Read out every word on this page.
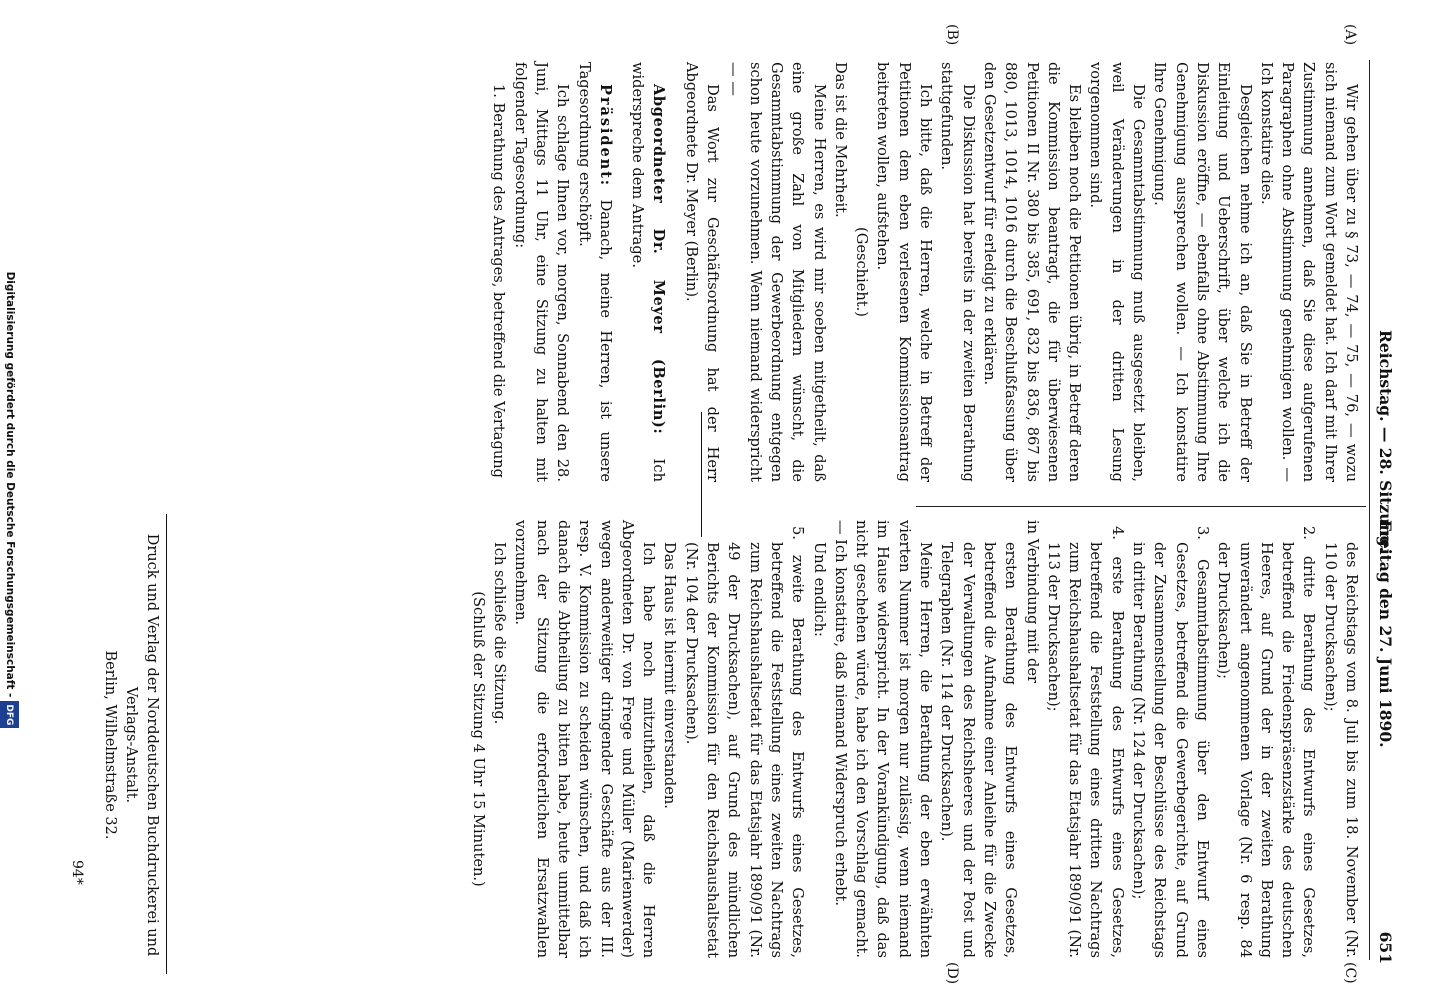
Reichstag. — 28. Sitzung.
Freitag den 27. Juni 1890.
651
(A)
(B)
(C)
(D)

Wir gehen über zu § 73, — 74, — 75, — 76, — wozu sich niemand zum Wort gemeldet hat. Ich darf mit Ihrer Zustimmung annehmen, daß Sie diese aufgerufenen Paragraphen ohne Abstimmung genehmigen wollen. — Ich konstatire dies.

Desgleichen nehme ich an, daß Sie in Betreff der Einleitung und Ueberschrift, über welche ich die Diskussion eröffne, — ebenfalls ohne Abstimmung Ihre Genehmigung aussprechen wollen. — Ich konstatire Ihre Genehmigung.

Die Gesammtabstimmung muß ausgesetzt bleiben, weil Veränderungen in der dritten Lesung vorgenommen sind.

Es bleiben noch die Petitionen übrig, in Betreff deren die Kommission beantragt, die für überwiesenen Petitionen II Nr. 380 bis 385, 691, 832 bis 836, 867 bis 880, 1013, 1014, 1016 durch die Beschlußfassung über den Gesetzentwurf für erledigt zu erklären.

Die Diskussion hat bereits in der zweiten Berathung stattgefunden.

Ich bitte, daß die Herren, welche in Betreff der Petitionen dem eben verlesenen Kommissionsantrag beitreten wollen, aufstehen.

(Geschieht.)

Das ist die Mehrheit.

Meine Herren, es wird mir soeben mitgetheilt, daß eine große Zahl von Mitgliedern wünscht, die Gesammtabstimmung der Gewerbeordnung entgegen schon heute vorzunehmen. Wenn niemand widerspricht — —

Das Wort zur Geschäftsordnung hat der Herr Abgeordnete Dr. Meyer (Berlin).

Abgeordneter Dr. Meyer (Berlin): Ich widerspreche dem Antrage.

Präsident: Danach, meine Herren, ist unsere Tagesordnung erschöpft.

Ich schlage Ihnen vor, morgen, Sonnabend den 28. Juni, Mittags 11 Uhr, eine Sitzung zu halten mit folgender Tagesordnung:

1. Berathung des Antrages, betreffend die Vertagung

des Reichstags vom 8. Juli bis zum 18. November (Nr. 110 der Drucksachen);

2. dritte Berathung des Entwurfs eines Gesetzes, betreffend die Friedenspräsenzstärke des deutschen Heeres, auf Grund der in der zweiten Berathung unverändert angenommenen Vorlage (Nr. 6 resp. 84 der Drucksachen);

3. Gesammtabstimmung über den Entwurf eines Gesetzes, betreffend die Gewerbegerichte, auf Grund der Zusammenstellung der Beschlüsse des Reichstags in dritter Berathung (Nr. 124 der Drucksachen);

4. erste Berathung des Entwurfs eines Gesetzes, betreffend die Feststellung eines dritten Nachtrags zum Reichshaushaltsetat für das Etatsjahr 1890/91 (Nr. 113 der Drucksachen);

in Verbindung mit der

ersten Berathung des Entwurfs eines Gesetzes, betreffend die Aufnahme einer Anleihe für die Zwecke der Verwaltungen des Reichsheeres und der Post und Telegraphen (Nr. 114 der Drucksachen).

Meine Herren, die Berathung der eben erwähnten vierten Nummer ist morgen nur zulässig, wenn niemand im Hause widerspricht. In der Vorankündigung, daß das nicht geschehen würde, habe ich den Vorschlag gemacht. — Ich konstatire, daß niemand Widerspruch erhebt.

Und endlich:

5. zweite Berathung des Entwurfs eines Gesetzes, betreffend die Feststellung eines zweiten Nachtrags zum Reichshaushaltsetat für das Etatsjahr 1890/91 (Nr. 49 der Drucksachen), auf Grund des mündlichen Berichts der Kommission für den Reichshaushaltsetat (Nr. 104 der Drucksachen).

Das Haus ist hiermit einverstanden.

Ich habe noch mitzutheilen, daß die Herren Abgeordneten Dr. von Frege und Müller (Marienwerder) wegen anderweitiger dringender Geschäfte aus der III. resp. V. Kommission zu scheiden wünschen, und daß ich danach die Abtheilung zu bitten habe, heute unmittelbar nach der Sitzung die erforderlichen Ersatzwahlen vorzunehmen.

Ich schließe die Sitzung.

(Schluß der Sitzung 4 Uhr 15 Minuten.)

Druck und Verlag der Norddeutschen Buchdruckerei und Verlags-Anstalt.
Berlin, Wilhelmstraße 32.
94*
Digitalisierung gefördert durch die Deutsche Forschungsgemeinschaft -DFG
